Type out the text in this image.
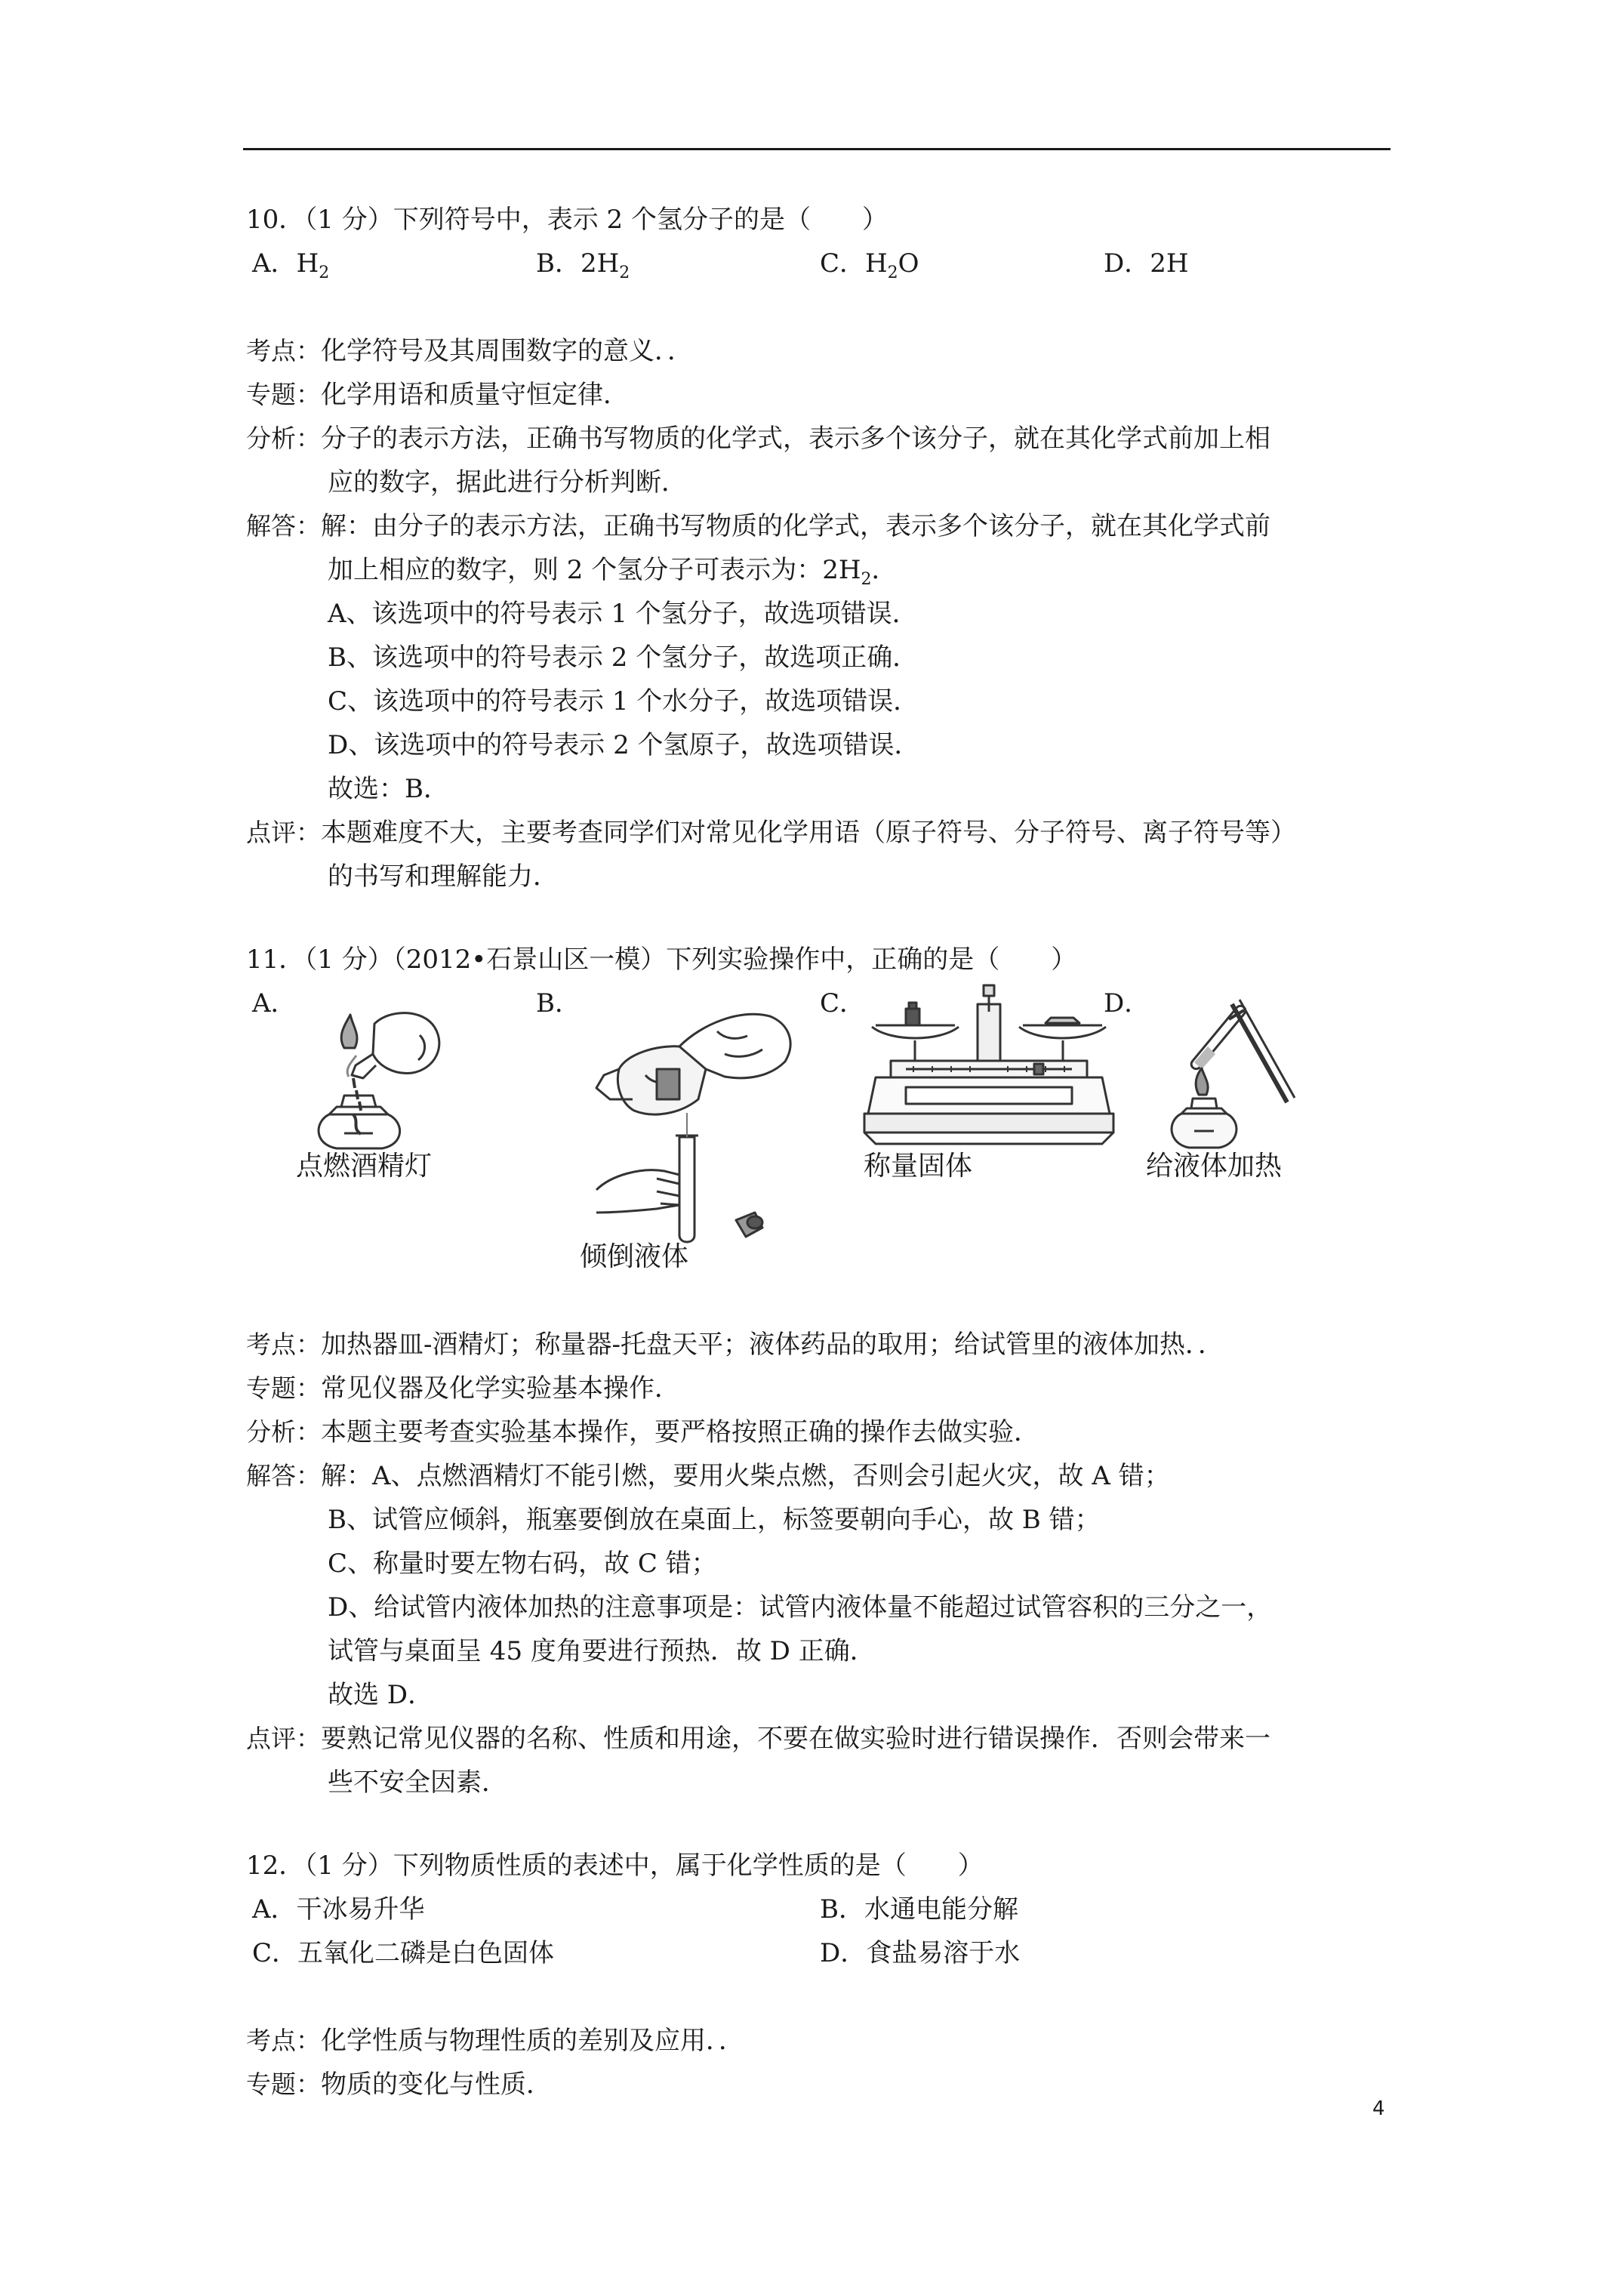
10．（1 分）下列符号中，表示 2 个氢分子的是（　　）
A．$H_2$	B．$2H_2$	C．$H_2O$	D．2H
考点：化学符号及其周围数字的意义．．
专题：化学用语和质量守恒定律．
分析：分子的表示方法，正确书写物质的化学式，表示多个该分子，就在其化学式前加上相
应的数字，据此进行分析判断．
解答：解：由分子的表示方法，正确书写物质的化学式，表示多个该分子，就在其化学式前
加上相应的数字，则 2 个氢分子可表示为：$2H_2$．
A、该选项中的符号表示 1 个氢分子，故选项错误．
B、该选项中的符号表示 2 个氢分子，故选项正确．
C、该选项中的符号表示 1 个水分子，故选项错误．
D、该选项中的符号表示 2 个氢原子，故选项错误．
故选：B．
点评：本题难度不大，主要考查同学们对常见化学用语（原子符号、分子符号、离子符号等）
的书写和理解能力．
11．（1 分）（2012•石景山区一模）下列实验操作中，正确的是（　　）
A．	B．	C．	D．
点燃酒精灯
倾倒液体
称量固体	给液体加热
考点：加热器皿-酒精灯；称量器-托盘天平；液体药品的取用；给试管里的液体加热．．
专题：常见仪器及化学实验基本操作．
分析：本题主要考查实验基本操作，要严格按照正确的操作去做实验．
解答：解：A、点燃酒精灯不能引燃，要用火柴点燃，否则会引起火灾，故 A 错；
B、试管应倾斜，瓶塞要倒放在桌面上，标签要朝向手心，故 B 错；
C、称量时要左物右码，故 C 错；
D、给试管内液体加热的注意事项是：试管内液体量不能超过试管容积的三分之一，
试管与桌面呈 45 度角要进行预热．故 D 正确．
故选 D．
点评：要熟记常见仪器的名称、性质和用途，不要在做实验时进行错误操作．否则会带来一
些不安全因素．
12．（1 分）下列物质性质的表述中，属于化学性质的是（　　）
A．干冰易升华	B．水通电能分解
C．五氧化二磷是白色固体	D．食盐易溶于水
考点：化学性质与物理性质的差别及应用．．
专题：物质的变化与性质．
4
